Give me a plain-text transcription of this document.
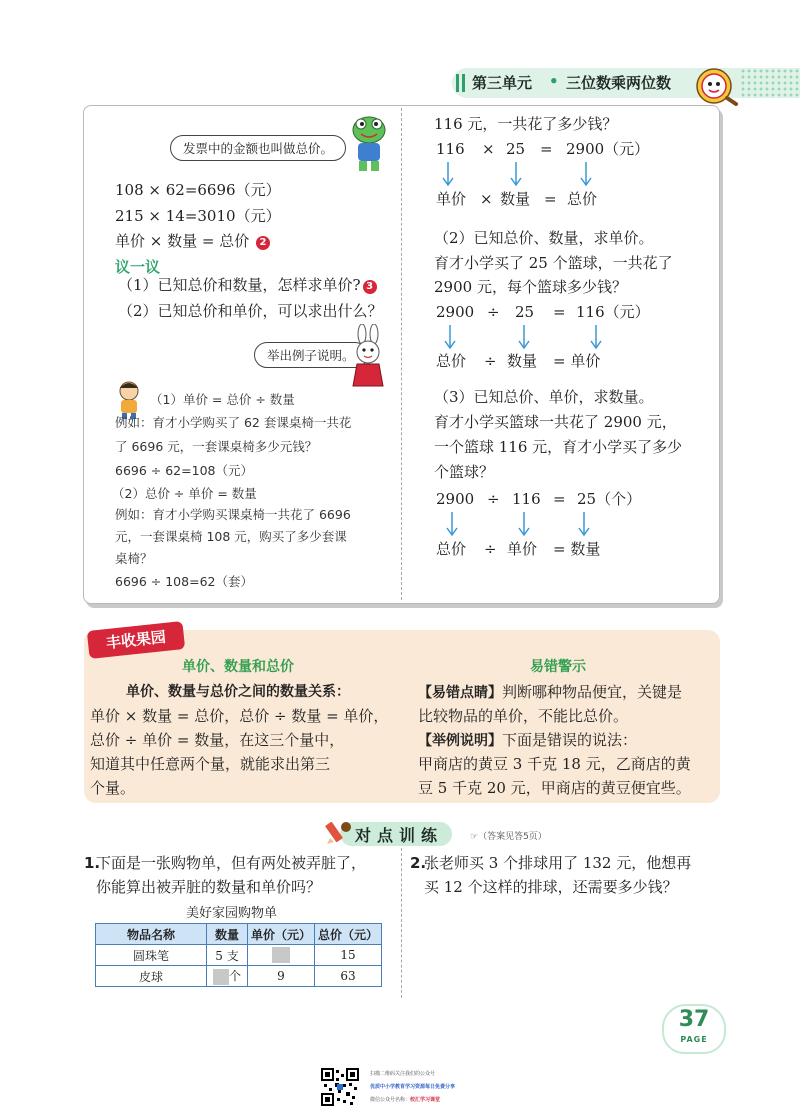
第三单元 • 三位数乘两位数
发票中的金额也叫做总价。
108 × 62=6696（元）
215 × 14=3010（元）
单价 × 数量 = 总价 2
议一议
（1）已知总价和数量，怎样求单价? 3
（2）已知总价和单价，可以求出什么？
举出例子说明。
（1）单价 = 总价 ÷ 数量
例如：育才小学购买了 62 套课桌椅一共花
了 6696 元，一套课桌椅多少元钱？
6696 ÷ 62=108（元）
（2）总价 ÷ 单价 = 数量
例如：育才小学购买课桌椅一共花了 6696
元，一套课桌椅 108 元，购买了多少套课
桌椅？
6696 ÷ 108=62（套）
116 元，一共花了多少钱？
116 × 25 = 2900（元）
单价 × 数量 = 总价
（2）已知总价、数量，求单价。
育才小学买了 25 个篮球，一共花了
2900 元，每个篮球多少钱？
2900 ÷ 25 = 116（元）
总价 ÷ 数量 = 单价
（3）已知总价、单价，求数量。
育才小学买篮球一共花了 2900 元，
一个篮球 116 元，育才小学买了多少
个篮球？
2900 ÷ 116 = 25（个）
总价 ÷ 单价 = 数量
丰收果园
单价、数量和总价
单价、数量与总价之间的数量关系：
单价 × 数量 = 总价，总价 ÷ 数量 = 单价，
总价 ÷ 单价 = 数量，在这三个量中，
知道其中任意两个量，就能求出第三
个量。
易错警示
【易错点睛】判断哪种物品便宜，关键是
比较物品的单价，不能比总价。
【举例说明】下面是错误的说法：
甲商店的黄豆 3 千克 18 元，乙商店的黄
豆 5 千克 20 元，甲商店的黄豆便宜些。
对点训练	☞（答案见答5页）
1.
下面是一张购物单，但有两处被弄脏了，
你能算出被弄脏的数量和单价吗？
美好家园购物单
物品名称	数量	单价（元）	总价（元）
圆珠笔	5 支		15
皮球	个	9	63
2.
张老师买 3 个排球用了 132 元，他想再
买 12 个这样的排球，还需要多少钱？
37
PAGE
扫描二维码关注我们的公众号
优质中小学教育学习资源每日免费分享
微信公众号名称：校汇学习课堂
